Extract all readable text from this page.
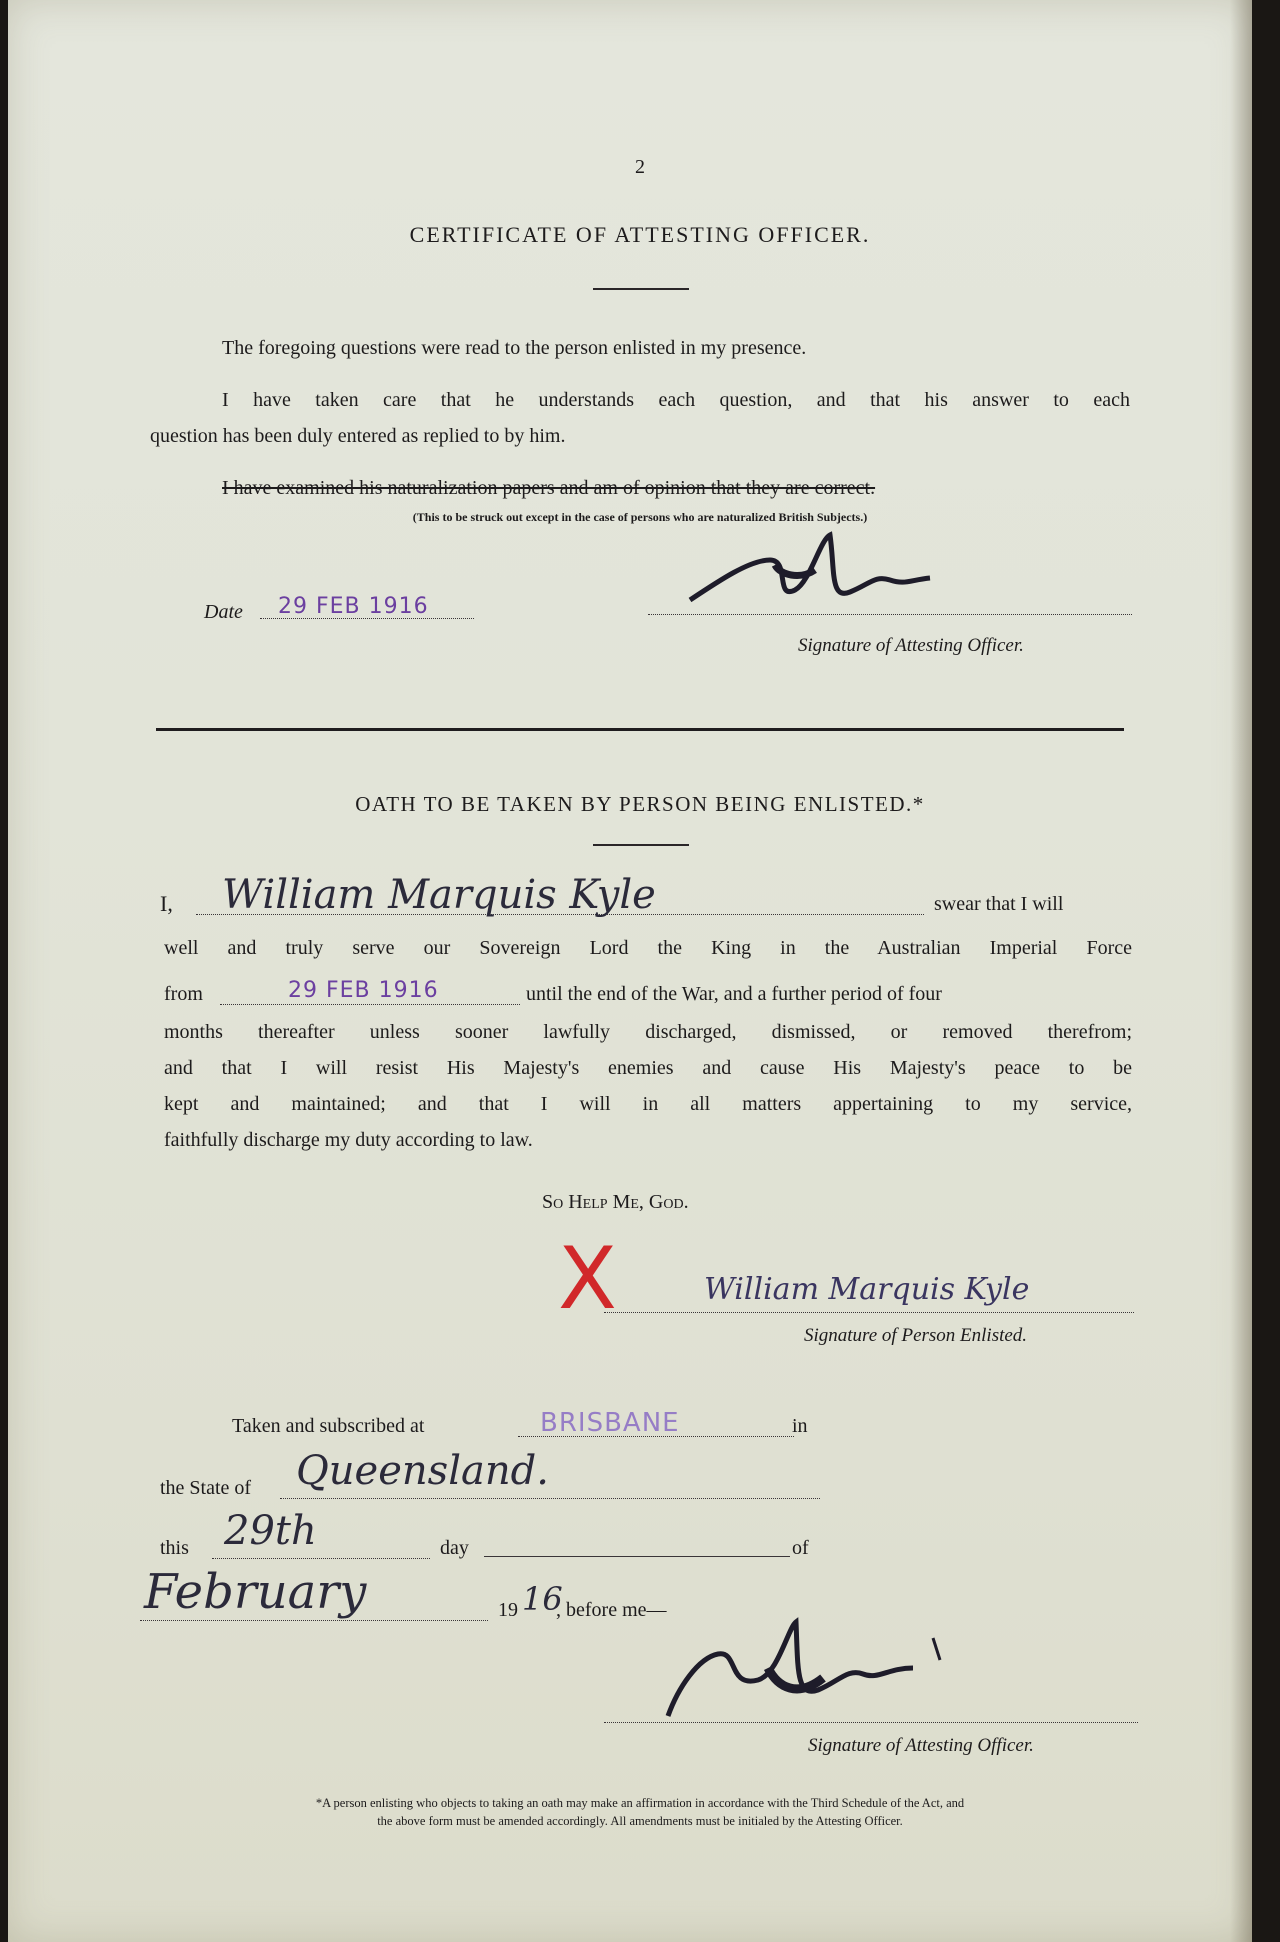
2
CERTIFICATE OF ATTESTING OFFICER.
The foregoing questions were read to the person enlisted in my presence.
I have taken care that he understands each question, and that his answer to each
question has been duly entered as replied to by him.
I have examined his naturalization papers and am of opinion that they are correct.
(This to be struck out except in the case of persons who are naturalized British Subjects.)
Date 29 FEB 1916
Signature of Attesting Officer.
OATH TO BE TAKEN BY PERSON BEING ENLISTED.*
I, William Marquis Kyle	swear that I will
well and truly serve our Sovereign Lord the King in the Australian Imperial Force
from	29 FEB 1916	until the end of the War, and a further period of four
months thereafter unless sooner lawfully discharged, dismissed, or removed therefrom;
and that I will resist His Majesty's enemies and cause His Majesty's peace to be
kept and maintained; and that I will in all matters appertaining to my service,
faithfully discharge my duty according to law.
So Help Me, God.
X	William Marquis Kyle
Signature of Person Enlisted.
Taken and subscribed at	BRISBANE	in
the State of Queensland.
this 29th	day	of
February	19 16
, before me—
Signature of Attesting Officer.
*A person enlisting who objects to taking an oath may make an affirmation in accordance with the Third Schedule of the Act, and
the above form must be amended accordingly. All amendments must be initialed by the Attesting Officer.
